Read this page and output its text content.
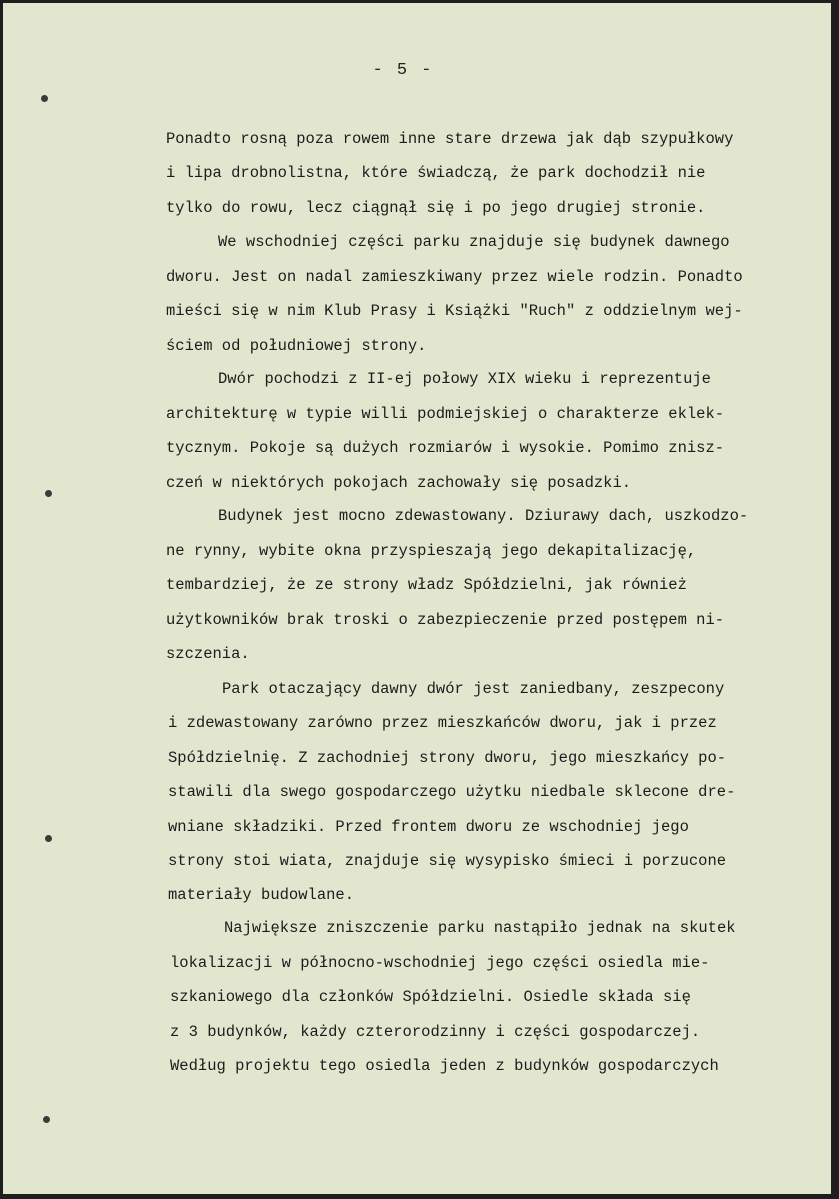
- 5 -
Ponadto rosną poza rowem inne stare drzewa jak dąb szypułkowy
i lipa drobnolistna, które świadczą, że park dochodził nie
tylko do rowu, lecz ciągnął się i po jego drugiej stronie.
We wschodniej części parku znajduje się budynek dawnego
dworu. Jest on nadal zamieszkiwany przez wiele rodzin. Ponadto
mieści się w nim Klub Prasy i Książki "Ruch" z oddzielnym wej-
ściem od południowej strony.
Dwór pochodzi z II-ej połowy XIX wieku i reprezentuje
architekturę w typie willi podmiejskiej o charakterze eklek-
tycznym. Pokoje są dużych rozmiarów i wysokie. Pomimo znisz-
czeń w niektórych pokojach zachowały się posadzki.
Budynek jest mocno zdewastowany. Dziurawy dach, uszkodzo-
ne rynny, wybite okna przyspieszają jego dekapitalizację,
tembardziej, że ze strony władz Spółdzielni, jak również
użytkowników brak troski o zabezpieczenie przed postępem ni-
szczenia.
Park otaczający dawny dwór jest zaniedbany, zeszpecony
i zdewastowany zarówno przez mieszkańców dworu, jak i przez
Spółdzielnię. Z zachodniej strony dworu, jego mieszkańcy po-
stawili dla swego gospodarczego użytku niedbale sklecone dre-
wniane składziki. Przed frontem dworu ze wschodniej jego
strony stoi wiata, znajduje się wysypisko śmieci i porzucone
materiały budowlane.
Największe zniszczenie parku nastąpiło jednak na skutek
lokalizacji w północno-wschodniej jego części osiedla mie-
szkaniowego dla członków Spółdzielni. Osiedle składa się
z 3 budynków, każdy czterorodzinny i części gospodarczej.
Według projektu tego osiedla jeden z budynków gospodarczych
